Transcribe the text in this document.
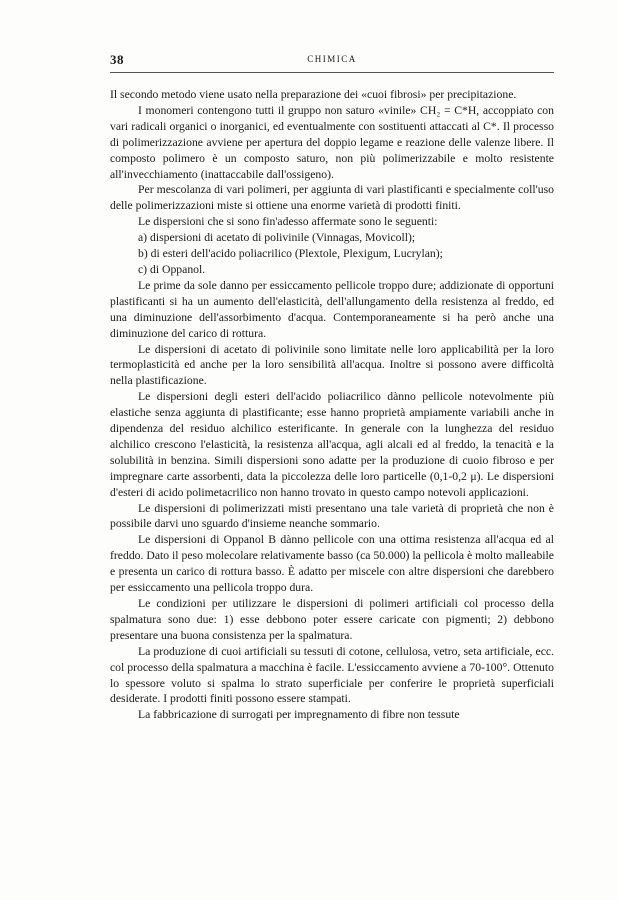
38	CHIMICA

Il secondo metodo viene usato nella preparazione dei «cuoi fibrosi» per precipitazione.

I monomeri contengono tutti il gruppo non saturo «vinile» CH₂ = C*H, accoppiato con vari radicali organici o inorganici, ed eventualmente con sostituenti attaccati al C*. Il processo di polimerizzazione avviene per apertura del doppio legame e reazione delle valenze libere. Il composto polimero è un composto saturo, non più polimerizzabile e molto resistente all'invecchiamento (inattaccabile dall'ossigeno).

Per mescolanza di vari polimeri, per aggiunta di vari plastificanti e specialmente coll'uso delle polimerizzazioni miste si ottiene una enorme varietà di prodotti finiti.

Le dispersioni che si sono fin'adesso affermate sono le seguenti:

a) dispersioni di acetato di polivinile (Vinnagas, Movicoll);

b) di esteri dell'acido poliacrilico (Plextole, Plexigum, Lucrylan);

c) di Oppanol.

Le prime da sole danno per essiccamento pellicole troppo dure; addizionate di opportuni plastificanti si ha un aumento dell'elasticità, dell'allungamento della resistenza al freddo, ed una diminuzione dell'assorbimento d'acqua. Contemporaneamente si ha però anche una diminuzione del carico di rottura.

Le dispersioni di acetato di polivinile sono limitate nelle loro applicabilità per la loro termoplasticità ed anche per la loro sensibilità all'acqua. Inoltre si possono avere difficoltà nella plastificazione.

Le dispersioni degli esteri dell'acido poliacrilico dànno pellicole notevolmente più elastiche senza aggiunta di plastificante; esse hanno proprietà ampiamente variabili anche in dipendenza del residuo alchilico esterificante. In generale con la lunghezza del residuo alchilico crescono l'elasticità, la resistenza all'acqua, agli alcali ed al freddo, la tenacità e la solubilità in benzina. Simili dispersioni sono adatte per la produzione di cuoio fibroso e per impregnare carte assorbenti, data la piccolezza delle loro particelle (0,1-0,2 μ). Le dispersioni d'esteri di acido polimetacrilico non hanno trovato in questo campo notevoli applicazioni.

Le dispersioni di polimerizzati misti presentano una tale varietà di proprietà che non è possibile darvi uno sguardo d'insieme neanche sommario.

Le dispersioni di Oppanol B dànno pellicole con una ottima resistenza all'acqua ed al freddo. Dato il peso molecolare relativamente basso (ca 50.000) la pellicola è molto malleabile e presenta un carico di rottura basso. È adatto per miscele con altre dispersioni che darebbero per essiccamento una pellicola troppo dura.

Le condizioni per utilizzare le dispersioni di polimeri artificiali col processo della spalmatura sono due: 1) esse debbono poter essere caricate con pigmenti; 2) debbono presentare una buona consistenza per la spalmatura.

La produzione di cuoi artificiali su tessuti di cotone, cellulosa, vetro, seta artificiale, ecc. col processo della spalmatura a macchina è facile. L'essiccamento avviene a 70-100°. Ottenuto lo spessore voluto si spalma lo strato superficiale per conferire le proprietà superficiali desiderate. I prodotti finiti possono essere stampati.

La fabbricazione di surrogati per impregnamento di fibre non tessute
